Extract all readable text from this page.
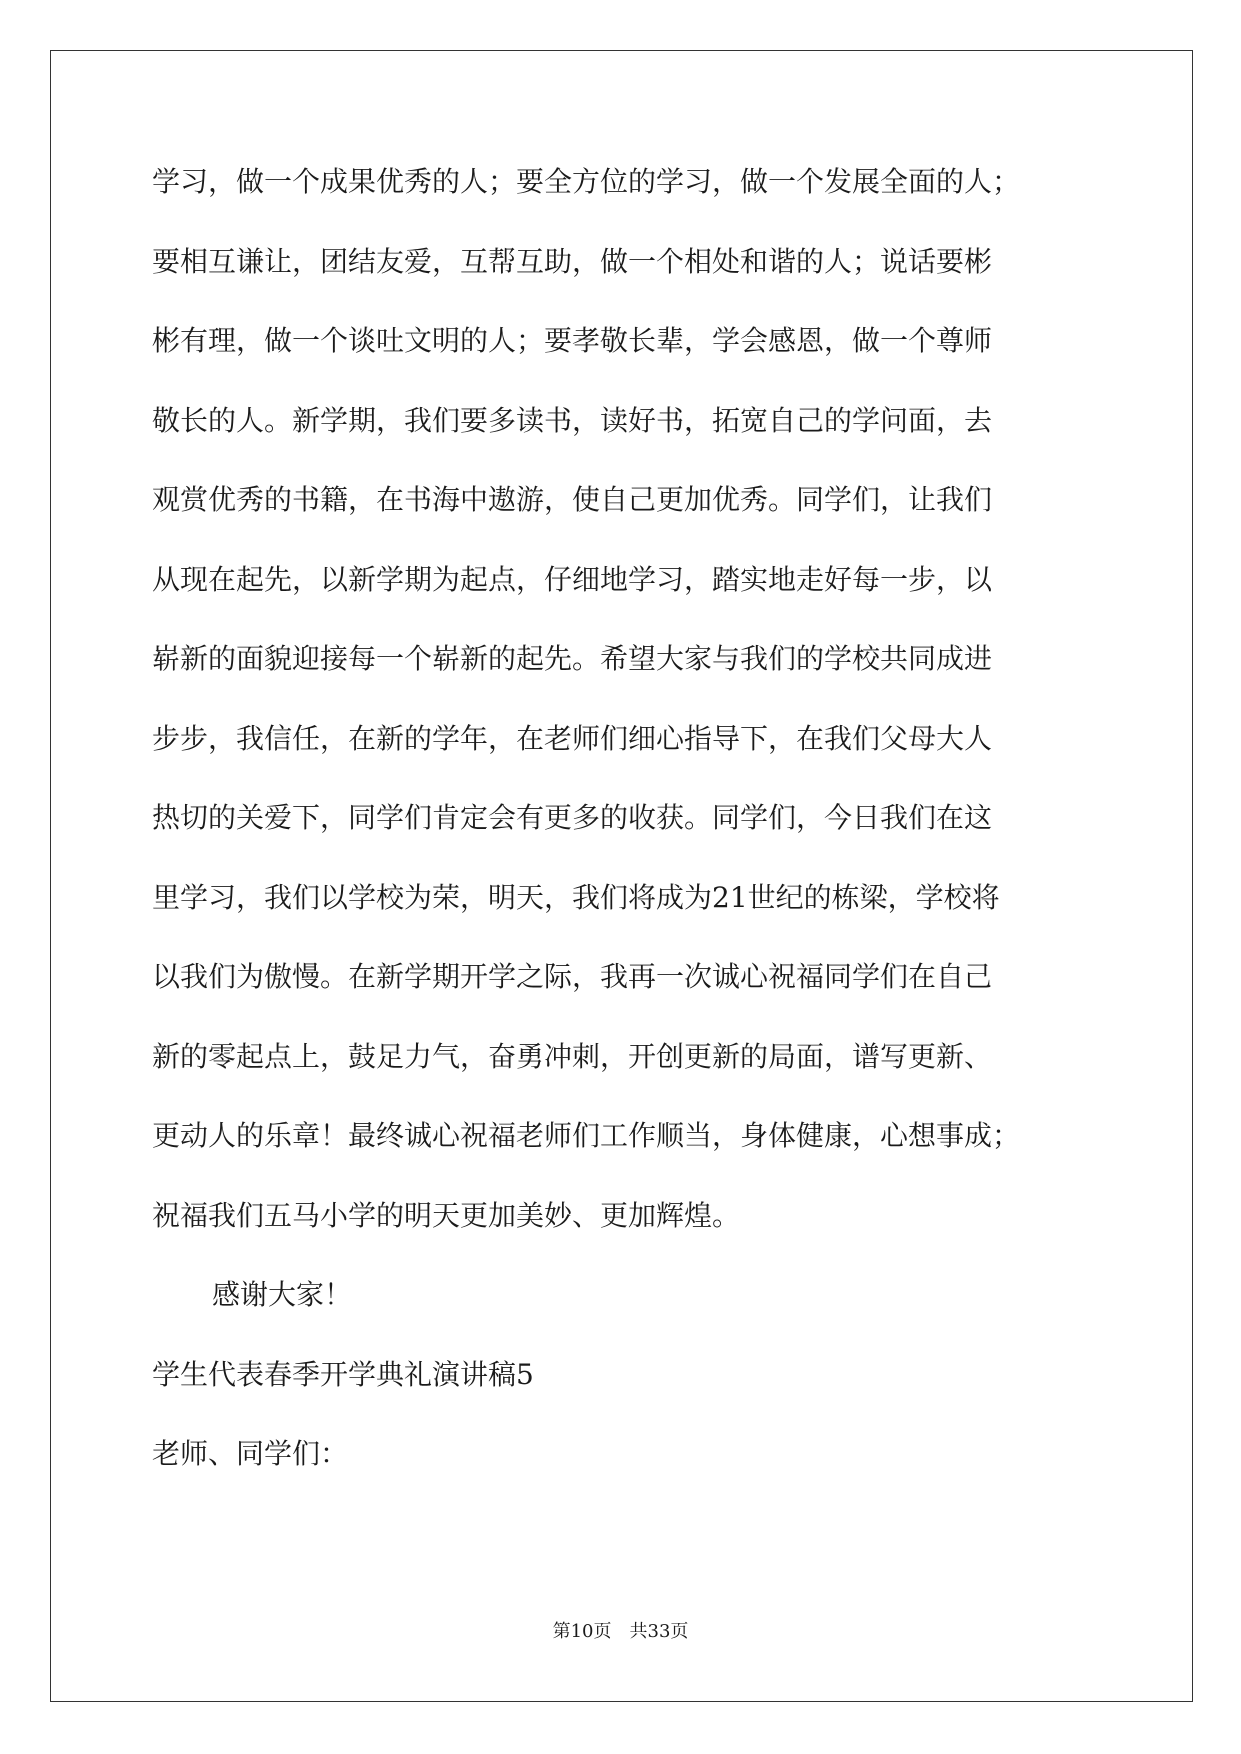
学习，做一个成果优秀的人；要全方位的学习，做一个发展全面的人；
要相互谦让，团结友爱，互帮互助，做一个相处和谐的人；说话要彬
彬有理，做一个谈吐文明的人；要孝敬长辈，学会感恩，做一个尊师
敬长的人。新学期，我们要多读书，读好书，拓宽自己的学问面，去
观赏优秀的书籍，在书海中遨游，使自己更加优秀。同学们，让我们
从现在起先，以新学期为起点，仔细地学习，踏实地走好每一步，以
崭新的面貌迎接每一个崭新的起先。希望大家与我们的学校共同成进
步步，我信任，在新的学年，在老师们细心指导下，在我们父母大人
热切的关爱下，同学们肯定会有更多的收获。同学们，今日我们在这
里学习，我们以学校为荣，明天，我们将成为21世纪的栋梁，学校将
以我们为傲慢。在新学期开学之际，我再一次诚心祝福同学们在自己
新的零起点上，鼓足力气，奋勇冲刺，开创更新的局面，谱写更新、
更动人的乐章！最终诚心祝福老师们工作顺当，身体健康，心想事成；
祝福我们五马小学的明天更加美妙、更加辉煌。
感谢大家！
学生代表春季开学典礼演讲稿5
老师、同学们：
第10页 共33页
